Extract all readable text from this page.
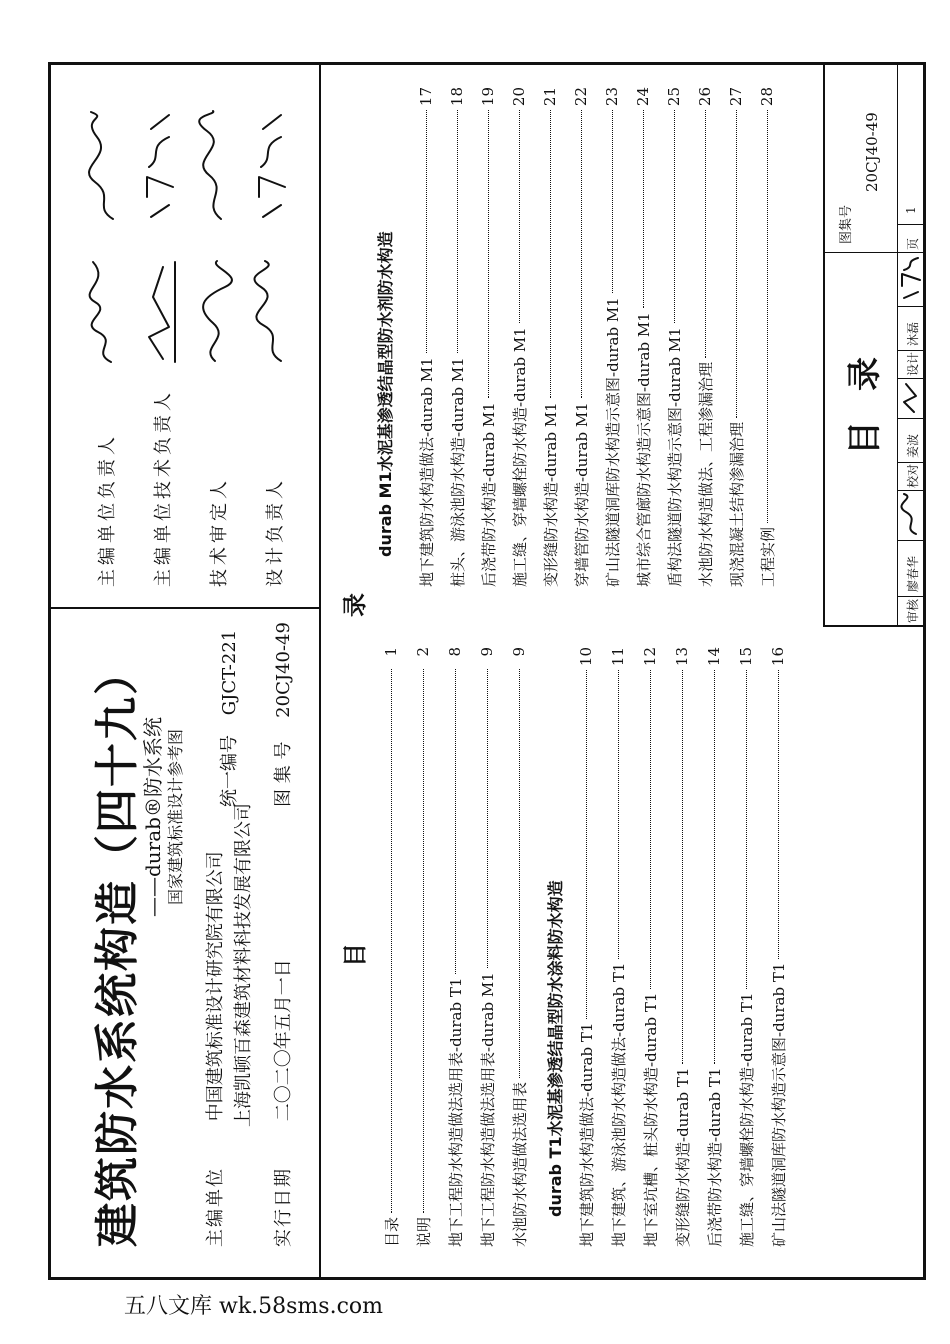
建筑防水系统构造（四十九）
——durab®防水系统 国家建筑标准设计参考图
主编单位 中国建筑标准设计研究院有限公司 上海凯顿百森建筑材料科技发展有限公司
统一编号 GJCT-221
实行日期 二〇二〇年五月一日
图 集 号 20CJ40-49
主编单位负责人 主编单位技术负责人 技术审定人 设计负责人
目
目录
1
说明
2
地下工程防水构造做法选用表-durab T1
8
地下工程防水构造做法选用表-durab M1
9
水池防水构造做法选用表
9
durab T1水泥基渗透结晶型防水涂料防水构造 地下建筑防水构造做法-durab T1
10
地下建筑、游泳池防水构造做法-durab T1
11
地下室坑槽、桩头防水构造-durab T1
12
变形缝防水构造-durab T1
13
后浇带防水构造-durab T1
14
施工缝、穿墙螺栓防水构造-durab T1
15
矿山法隧道洞库防水构造示意图-durab T1
16
录
durab M1水泥基渗透结晶型防水剂防水构造 地下建筑防水构造做法-durab M1
17
桩头、游泳池防水构造-durab M1
18
后浇带防水构造-durab M1
19
施工缝、穿墙螺栓防水构造-durab M1
20
变形缝防水构造-durab M1
21
穿墙管防水构造-durab M1
22
矿山法隧道洞库防水构造示意图-durab M1
23
城市综合管廊防水构造示意图-durab M1
24
盾构法隧道防水构造示意图-durab M1
25
水池防水构造做法、工程渗漏治理
26
现浇混凝土结构渗漏治理
27
工程实例
28
目录
审核
廖春华
校对
姜波
设计
沐磊
页
1
图集号
20CJ40-49
五八文库 wk.58sms.com
